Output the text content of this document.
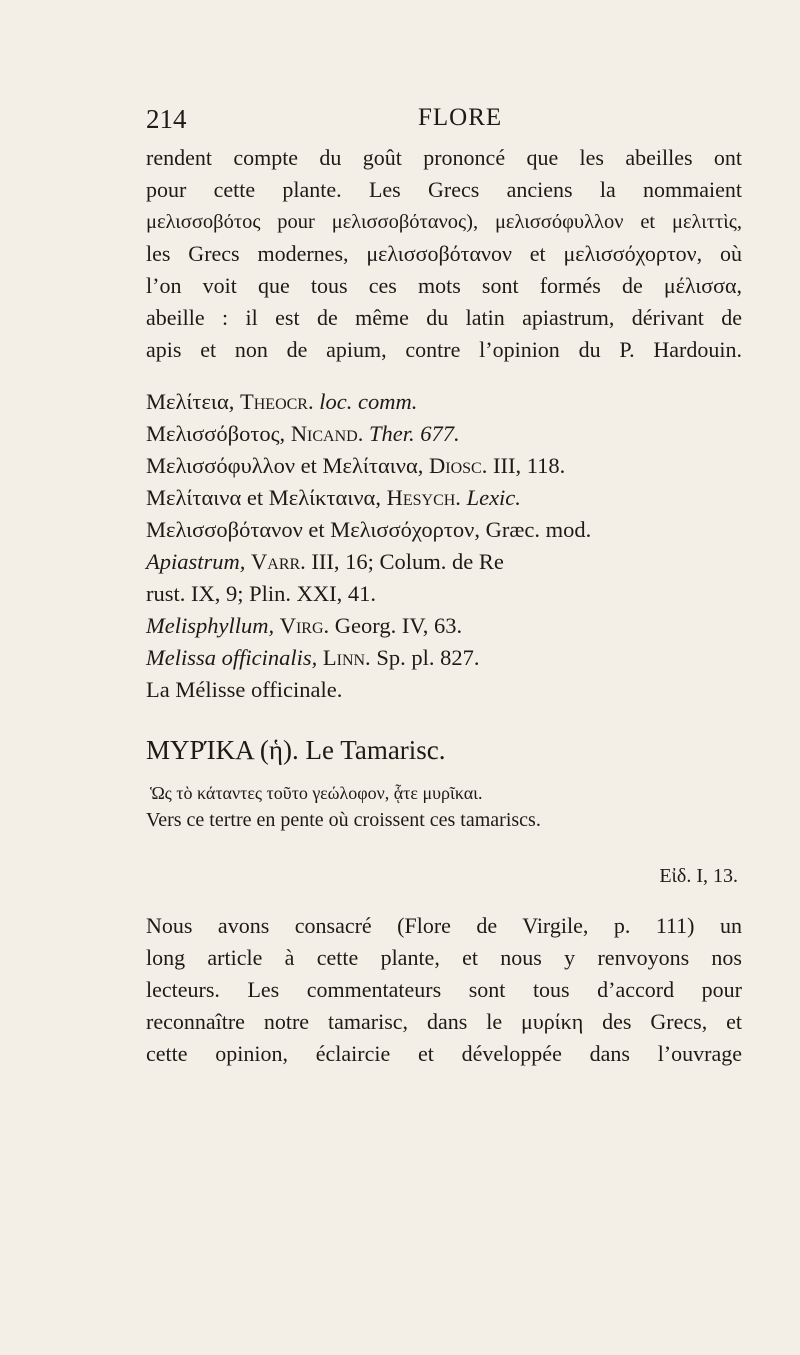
214	FLORE

rendent compte du goût prononcé que les abeilles ont

pour cette plante. Les Grecs anciens la nommaient

μελισσοβότος pour μελισσοβότανος), μελισσόφυλλον et μελιττὶς,

les Grecs modernes, μελισσοβότανον et μελισσόχορτον, où

l’on voit que tous ces mots sont formés de μέλισσα,

abeille : il est de même du latin apiastrum, dérivant de

apis et non de apium, contre l’opinion du P. Hardouin.

Μελίτεια, Theocr. loc. comm.
Μελισσόβοτος, Nicand. Ther. 677.
Μελισσόφυλλον et Μελίταινα, Diosc. III, 118.
Μελίταινα et Μελίκταινα, Hesych. Lexic.
Μελισσοβότανον et Μελισσόχορτον, Græc. mod.
Apiastrum, Varr. III, 16; Colum. de Re
rust. IX, 9; Plin. XXI, 41.
Melisphyllum, Virg. Georg. IV, 63.
Melissa officinalis, Linn. Sp. pl. 827.
La Mélisse officinale.
ΜΥΡΊΚΑ (ἡ). Le Tamarisc.
Ὡς τὸ κάταντες τοῦτο γεώλοφον, ᾇτε μυρῖκαι.
Vers ce tertre en pente où croissent ces tamariscs.
Εἰδ. I, 13.

Nous avons consacré (Flore de Virgile, p. 111) un

long article à cette plante, et nous y renvoyons nos

lecteurs. Les commentateurs sont tous d’accord pour

reconnaître notre tamarisc, dans le μυρίκη des Grecs, et

cette opinion, éclaircie et développée dans l’ouvrage
